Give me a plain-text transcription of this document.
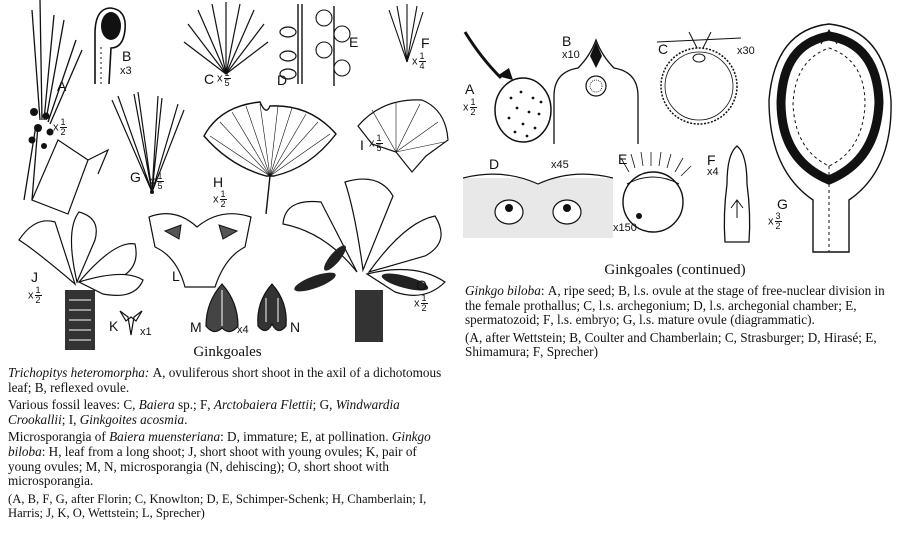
A
x $\frac{1}{2}$
B
x3	C x $\frac{1}{5}$	D
E	F
x $\frac{1}{4}$
G x $\frac{1}{5}$	H
x $\frac{1}{2}$
I x $\frac{1}{5}$
J
x $\frac{1}{2}$
K x1
L
M	x4	N
O
x $\frac{1}{2}$
Ginkgoales

Trichopitys heteromorpha: A, ovuliferous short shoot in the axil of a dichotomous leaf; B, reflexed ovule.

Various fossil leaves: C, Baiera sp.; F, Arctobaiera Flettii; G, Windwardia Crookallii; I, Ginkgoites acosmia.

Microsporangia of Baiera muensteriana: D, immature; E, at pollination. Ginkgo biloba: H, leaf from a long shoot; J, short shoot with young ovules; K, pair of young ovules; M, N, microsporangia (N, dehiscing); O, short shoot with microsporangia.

(A, B, F, G, after Florin; C, Knowlton; D, E, Schimper-Schenk; H, Chamberlain; I, Harris; J, K, O, Wettstein; L, Sprecher)

A
x $\frac{1}{2}$
B
x10	C	x30
G
x $\frac{3}{2}$
D	x45	E
x150
F
x4
Ginkgoales (continued)

Ginkgo biloba: A, ripe seed; B, l.s. ovule at the stage of free-nuclear division in the female prothallus; C, l.s. archegonium; D, l.s. archegonial chamber; E, spermatozoid; F, l.s. embryo; G, l.s. mature ovule (diagrammatic).

(A, after Wettstein; B, Coulter and Chamberlain; C, Strasburger; D, Hirasé; E, Shimamura; F, Sprecher)
